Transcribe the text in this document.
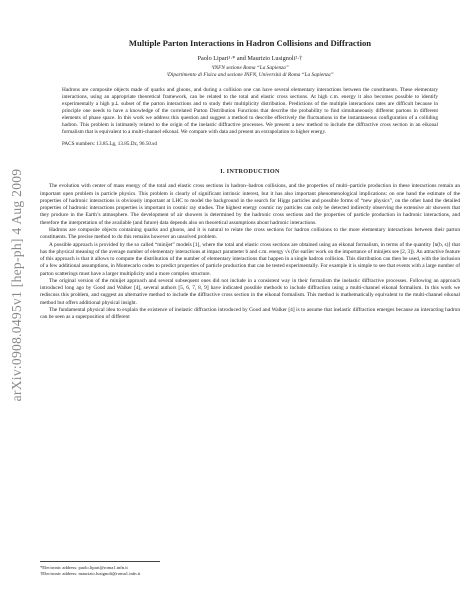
arXiv:0908.0495v1 [hep-ph] 4 Aug 2009
Multiple Parton Interactions in Hadron Collisions and Diffraction

Paolo Lipari¹·* and Maurizio Lusignoli²·†

¹INFN sezione Roma “La Sapienza”

²Dipartimento di Fisica and sezione INFN, Università di Roma “La Sapienza”

Hadrons are composite objects made of quarks and gluons, and during a collision one can have several elementary interactions between the constituents. These elementary interactions, using an appropriate theoretical framework, can be related to the total and elastic cross sections. At high c.m. energy it also becomes possible to identify experimentally a high p⊥ subset of the parton interactions and to study their multiplicity distribution. Predictions of the multiple interactions rates are difficult because in principle one needs to have a knowledge of the correlated Parton Distribution Functions that describe the probability to find simultaneously different partons in different elements of phase space. In this work we address this question and suggest a method to describe effectively the fluctuations in the instantaneous configuration of a colliding hadron. This problem is intimately related to the origin of the inelastic diffractive processes. We present a new method to include the diffractive cross section in an eikonal formalism that is equivalent to a multi-channel eikonal. We compare with data and present an extrapolation to higher energy.

PACS numbers: 13.85.Lg, 13.85.Dz, 96.50.sd

I. INTRODUCTION

The evolution with center of mass energy of the total and elastic cross sections in hadron–hadron collisions, and the properties of multi–particle production in these interactions remain an important open problem in particle physics. This problem is clearly of significant intrinsic interest, but it has also important phenomenological implications: on one hand the estimate of the properties of hadronic interactions is obviously important at LHC to model the background in the search for Higgs particles and possible forms of “new physics”, on the other hand the detailed properties of hadronic interactions properties is important in cosmic ray studies. The highest energy cosmic ray particles can only be detected indirectly observing the extensive air showers that they produce in the Earth’s atmosphere. The development of air showers is determined by the hadronic cross sections and the properties of particle production in hadronic interactions, and therefore the interpretation of the available (and future) data depends also on theoretical assumptions about hadronic interactions.

Hadrons are composite objects containing quarks and gluons, and it is natural to relate the cross sections for hadron collisions to the more elementary interactions between their parton constituents. The precise method to do this remains however an unsolved problem.

A possible approach is provided by the so called “minijet” models [1], where the total and elastic cross sections are obtained using an eikonal formalism, in terms of the quantity ⟨n(b, s)⟩ that has the physical meaning of the average number of elementary interactions at impact parameter b and c.m. energy √s (for earlier work on the importance of minijets see [2, 3]). An attractive feature of this approach is that it allows to compute the distribution of the number of elementary interactions that happen in a single hadron collision. This distribution can then be used, with the inclusion of a few additional assumptions, in Montecarlo codes to predict properties of particle production that can be tested experimentally. For example it is simple to see that events with a large number of parton scatterings must have a larger multiplicity and a more complex structure.

The original version of the minijet approach and several subsequent ones did not include in a consistent way in their formalism the inelastic diffractive processes. Following an approach introduced long ago by Good and Walker [4], several authors [5, 6, 7, 8, 9] have indicated possible methods to include diffraction using a multi-channel eikonal formalism. In this work we rediscuss this problem, and suggest an alternative method to include the diffractive cross section in the eikonal formalism. This method is mathematically equivalent to the multi-channel eikonal method but offers additional physical insight.

The fundamental physical idea to explain the existence of inelastic diffraction introduced by Good and Walker [4] is to assume that inelastic diffraction emerges because an interacting hadron can be seen as a superposition of different

*Electronic address: paolo.lipari@roma1.infn.it

†Electronic address: maurizio.lusignoli@roma1.infn.it
